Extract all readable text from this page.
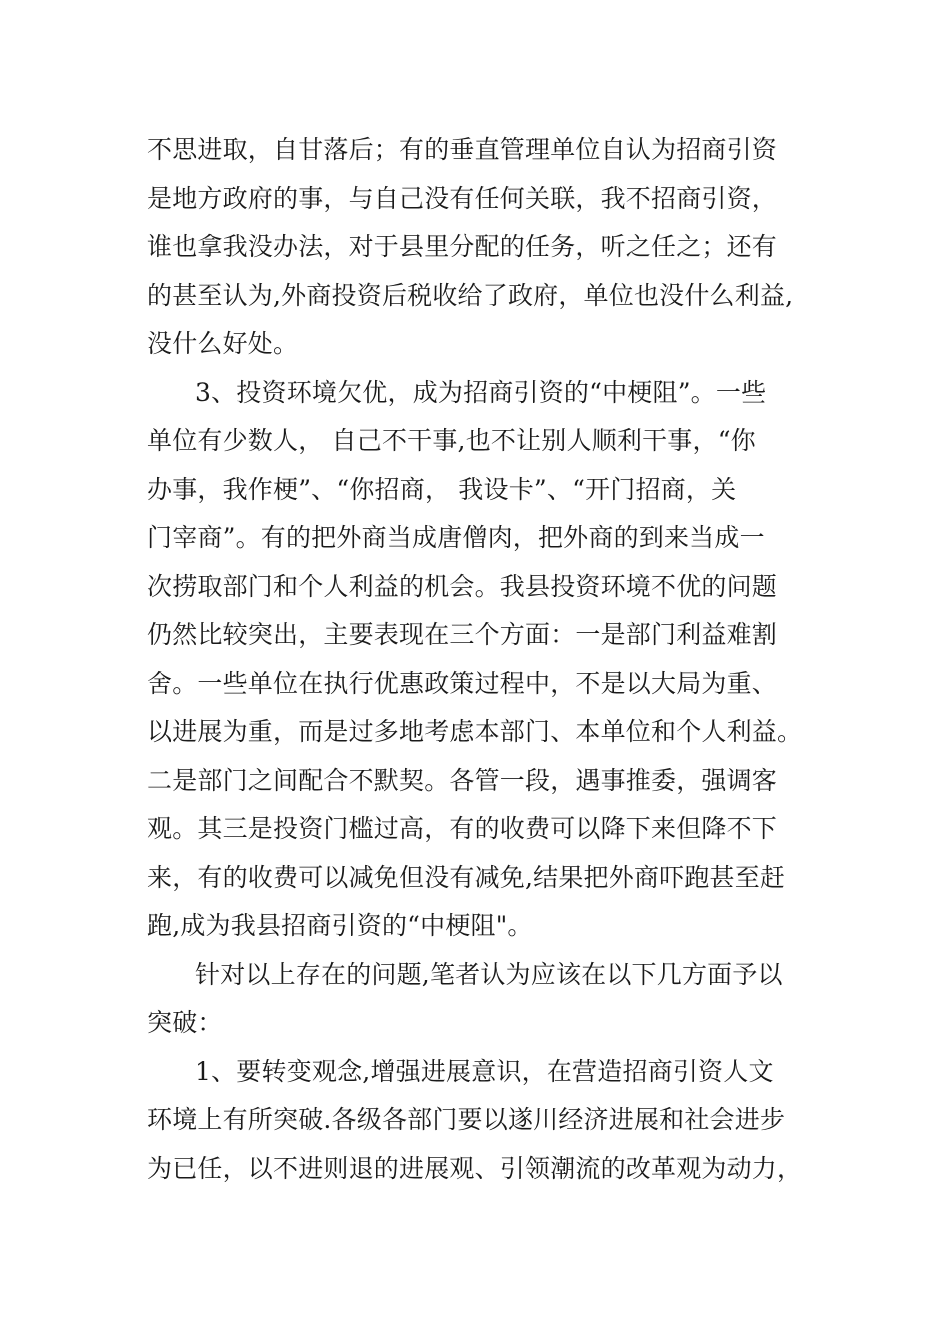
不思进取，自甘落后；有的垂直管理单位自认为招商引资
是地方政府的事，与自己没有任何关联，我不招商引资，
谁也拿我没办法，对于县里分配的任务，听之任之；还有
的甚至认为,外商投资后税收给了政府，单位也没什么利益,
没什么好处。
3、投资环境欠优，成为招商引资的“中梗阻”。一些
单位有少数人， 自己不干事,也不让别人顺利干事，“你
办事，我作梗”、“你招商， 我设卡”、“开门招商，关
门宰商”。有的把外商当成唐僧肉，把外商的到来当成一
次捞取部门和个人利益的机会。我县投资环境不优的问题
仍然比较突出，主要表现在三个方面：一是部门利益难割
舍。一些单位在执行优惠政策过程中，不是以大局为重、
以进展为重，而是过多地考虑本部门、本单位和个人利益。
二是部门之间配合不默契。各管一段，遇事推委，强调客
观。其三是投资门槛过高，有的收费可以降下来但降不下
来，有的收费可以减免但没有减免,结果把外商吓跑甚至赶
跑,成为我县招商引资的“中梗阻"。
针对以上存在的问题,笔者认为应该在以下几方面予以
突破：
1、要转变观念,增强进展意识，在营造招商引资人文
环境上有所突破.各级各部门要以遂川经济进展和社会进步
为已任，以不进则退的进展观、引领潮流的改革观为动力，
